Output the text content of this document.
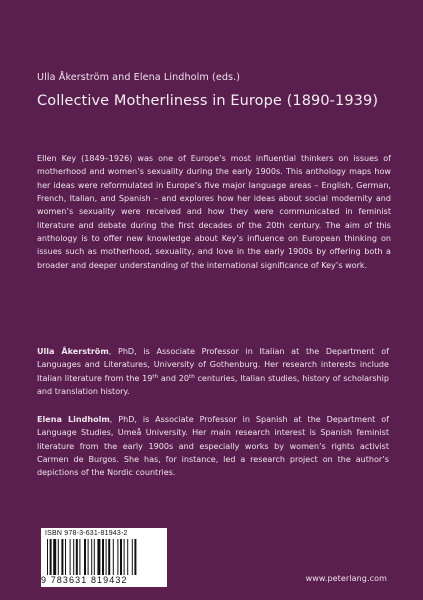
Ulla Åkerström and Elena Lindholm (eds.)
Collective Motherliness in Europe (1890-1939)
Ellen Key (1849–1926) was one of Europe’s most influential thinkers on issues of motherhood and women’s sexuality during the early 1900s. This anthology maps how her ideas were reformulated in Europe’s five major language areas – English, German, French, Italian, and Spanish – and explores how her ideas about social modernity and women’s sexuality were received and how they were communicated in feminist literature and debate during the first decades of the 20th century. The aim of this anthology is to offer new knowledge about Key’s influence on European thinking on issues such as motherhood, sexuality, and love in the early 1900s by offering both a broader and deeper understanding of the international significance of Key’s work.
Ulla Åkerström, PhD, is Associate Professor in Italian at the Department of Languages and Literatures, University of Gothenburg. Her research interests include Italian literature from the 19th and 20th centuries, Italian studies, history of scholarship and translation history.
Elena Lindholm, PhD, is Associate Professor in Spanish at the Department of Language Studies, Umeå University. Her main research interest is Spanish feminist literature from the early 1900s and especially works by women’s rights activist Carmen de Burgos. She has, for instance, led a research project on the author’s depictions of the Nordic countries.
ISBN 978-3-631-81943-2
9 783631 819432	www.peterlang.com
